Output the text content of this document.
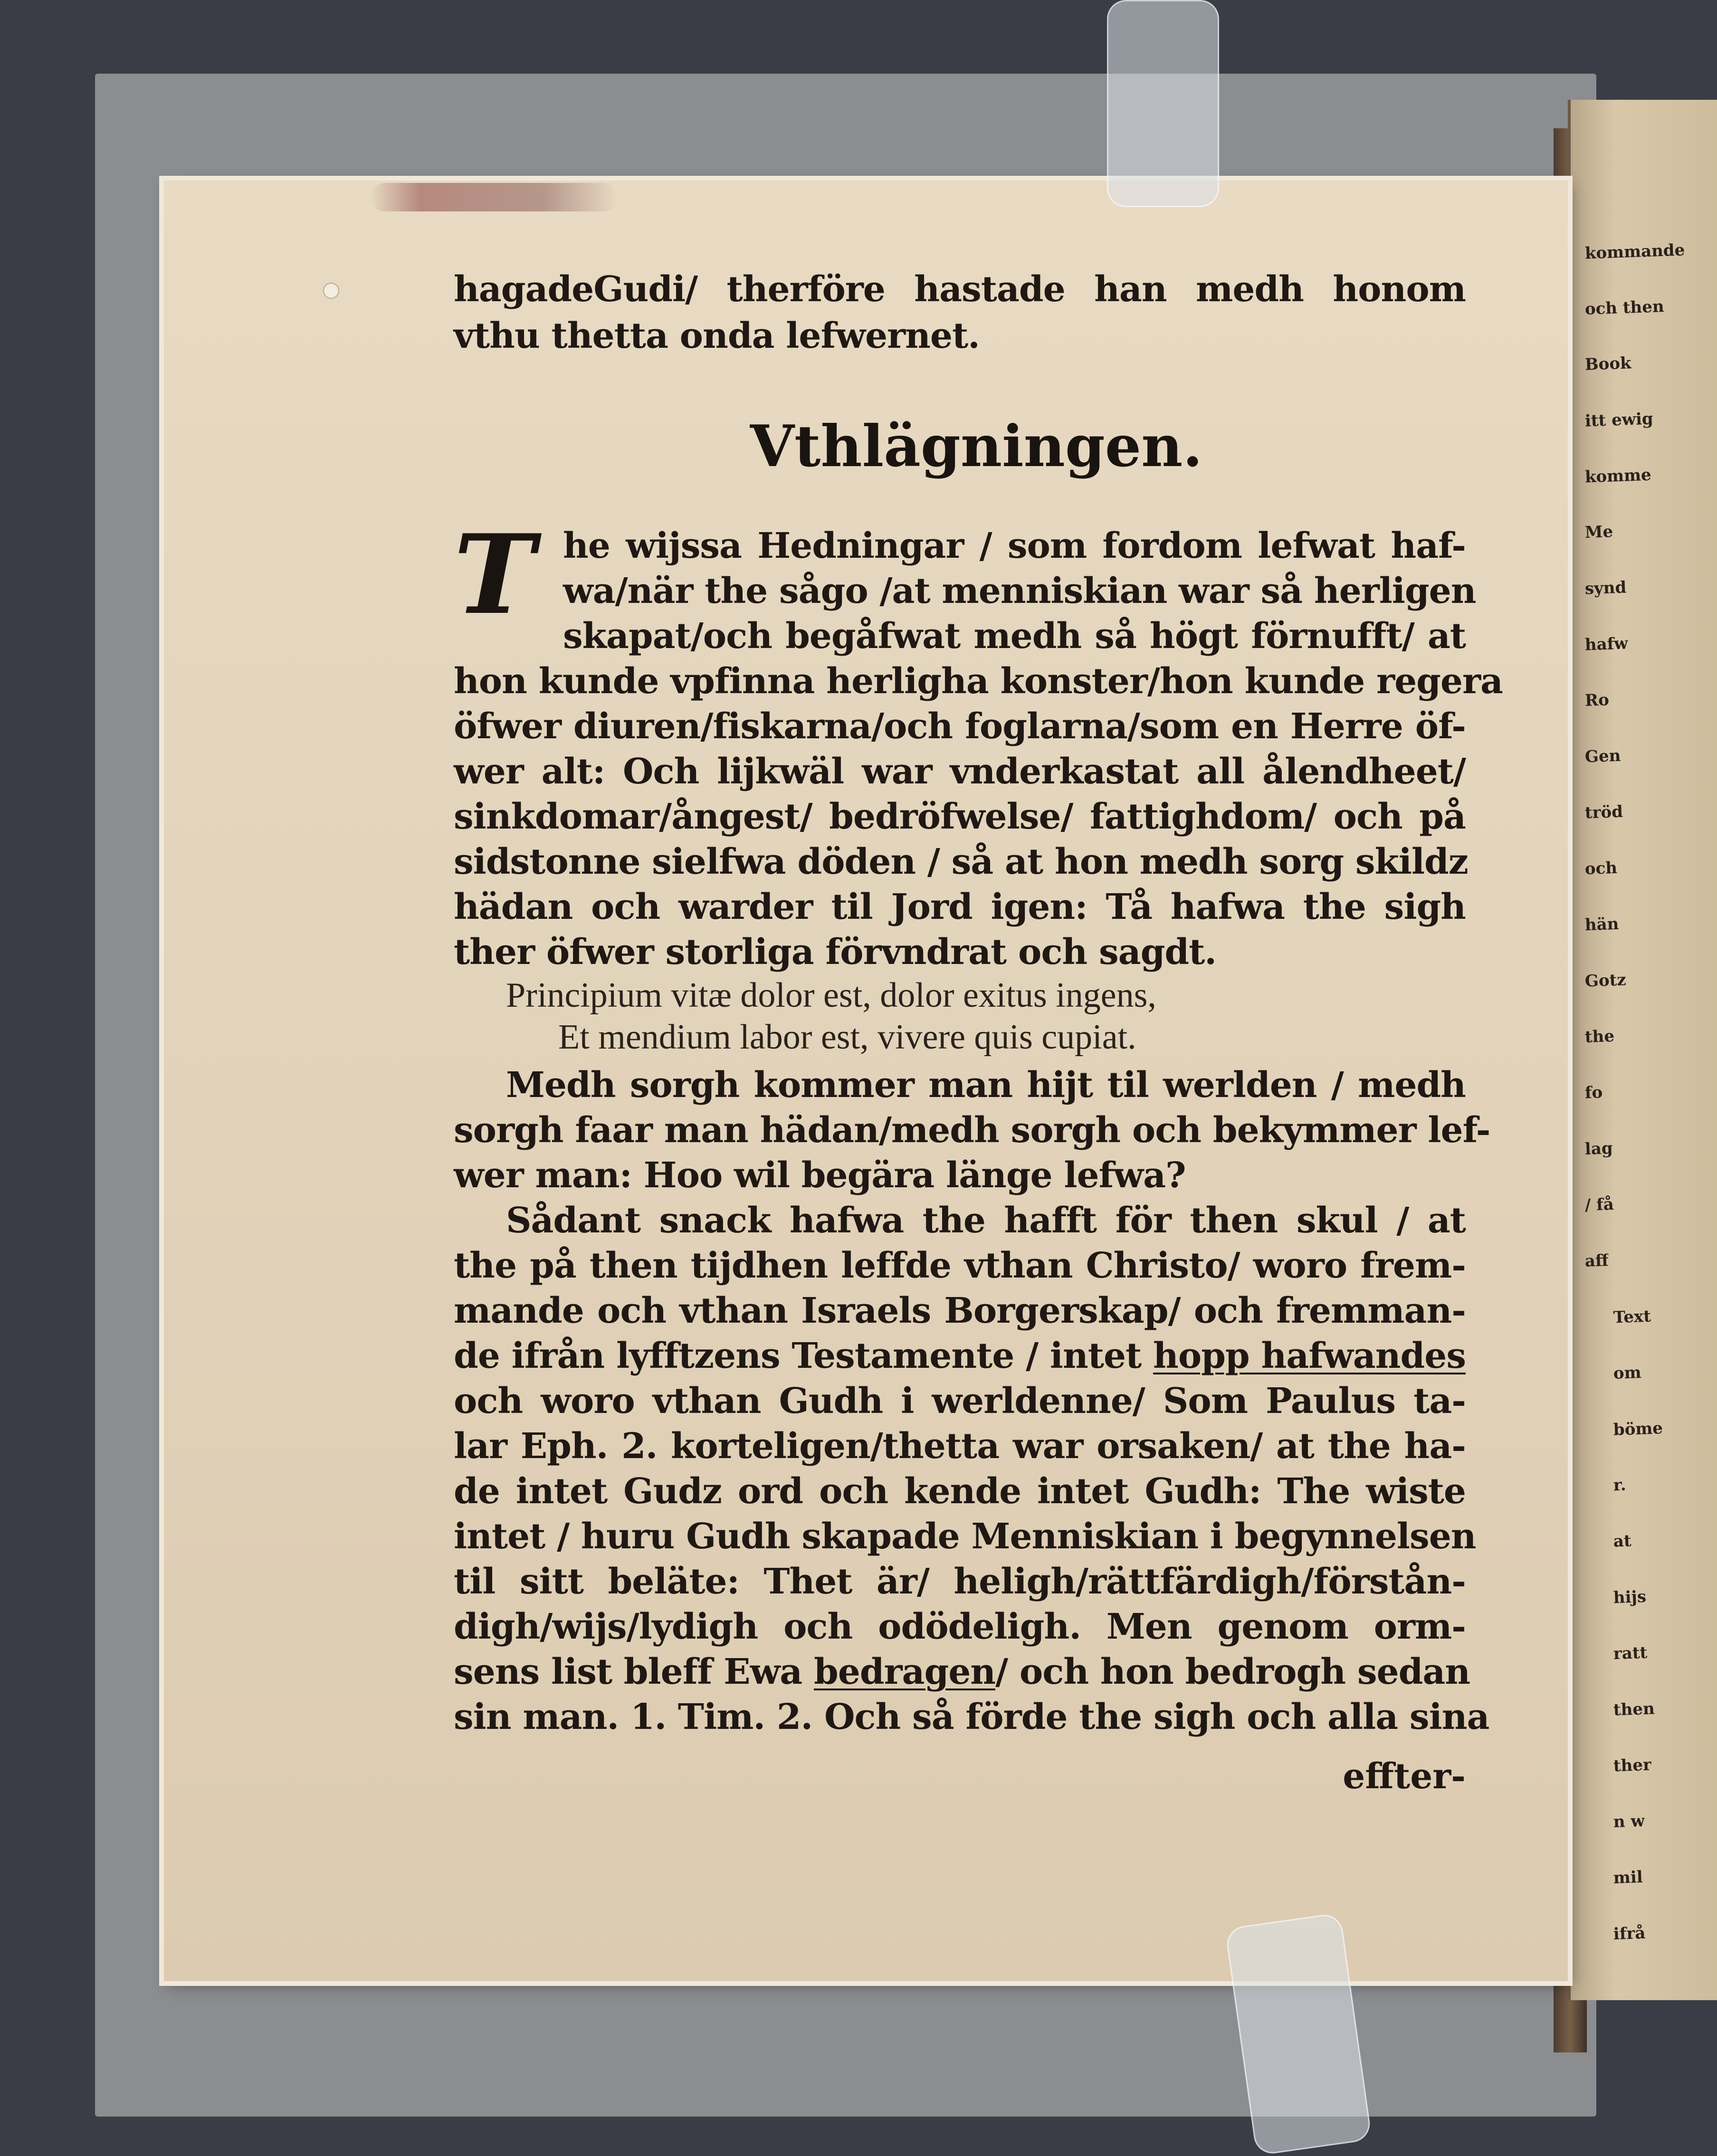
kommande
och then
Book
itt ewig
komme
Me
synd
hafw
Ro
Gen
tröd
och
hän
Gotz
the
fo
lag
/ få
aff
Text
om
böme
r.
at
hijs
ratt
then
ther
n w
mil
ifrå
hagadeGudi/ therföre hastade han medh honom
vthu thetta onda lefwernet.
Vthlägningen.
T he wijssa Hedningar / som fordom lefwat haf-
wa/när the sågo /at menniskian war så herligen
skapat/och begåfwat medh så högt förnufft/ at
hon kunde vpfinna herligha konster/hon kunde regera
öfwer diuren/fiskarna/och foglarna/som en Herre öf-
wer alt: Och lijkwäl war vnderkastat all ålendheet/
sinkdomar/ångest/ bedröfwelse/ fattighdom/ och på
sidstonne sielfwa döden / så at hon medh sorg skildz
hädan och warder til Jord igen: Tå hafwa the sigh
ther öfwer storliga förvndrat och sagdt.
Principium vitæ dolor est, dolor exitus ingens,
Et mendium labor est, vivere quis cupiat.
Medh sorgh kommer man hijt til werlden / medh
sorgh faar man hädan/medh sorgh och bekymmer lef-
wer man: Hoo wil begära länge lefwa?
Sådant snack hafwa the hafft för then skul / at
the på then tijdhen leffde vthan Christo/ woro frem-
mande och vthan Israels Borgerskap/ och fremman-
de ifrån lyfftzens Testamente / intet hopp hafwandes
och woro vthan Gudh i werldenne/ Som Paulus ta-
lar Eph. 2. korteligen/thetta war orsaken/ at the ha-
de intet Gudz ord och kende intet Gudh: The wiste
intet / huru Gudh skapade Menniskian i begynnelsen
til sitt beläte: Thet är/ heligh/rättfärdigh/förstån-
digh/wijs/lydigh och odödeligh. Men genom orm-
sens list bleff Ewa bedragen/ och hon bedrogh sedan
sin man. 1. Tim. 2. Och så förde the sigh och alla sina
effter-
